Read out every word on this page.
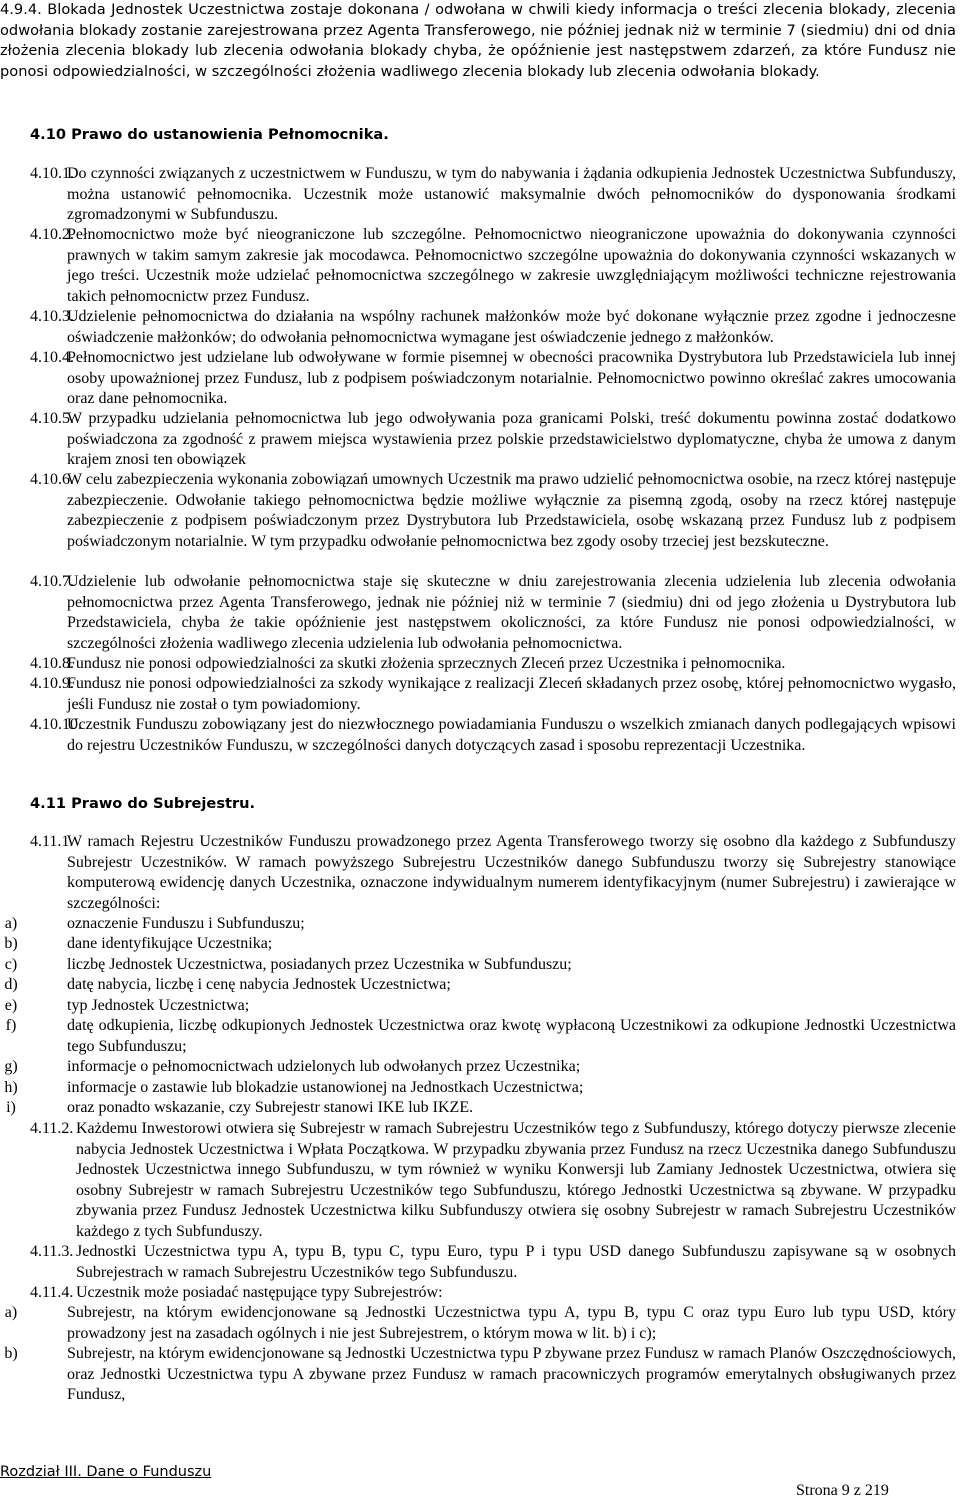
4.9.4. Blokada Jednostek Uczestnictwa zostaje dokonana / odwołana w chwili kiedy informacja o treści zlecenia blokady, zlecenia odwołania blokady zostanie zarejestrowana przez Agenta Transferowego, nie później jednak niż w terminie 7 (siedmiu) dni od dnia złożenia zlecenia blokady lub zlecenia odwołania blokady chyba, że opóźnienie jest następstwem zdarzeń, za które Fundusz nie ponosi odpowiedzialności, w szczególności złożenia wadliwego zlecenia blokady lub zlecenia odwołania blokady.

4.10 Prawo do ustanowienia Pełnomocnika.

4.10.1.
Do czynności związanych z uczestnictwem w Funduszu, w tym do nabywania i żądania odkupienia Jednostek Uczestnictwa Subfunduszy, można ustanowić pełnomocnika. Uczestnik może ustanowić maksymalnie dwóch pełnomocników do dysponowania środkami zgromadzonymi w Subfunduszu.

4.10.2.
Pełnomocnictwo może być nieograniczone lub szczególne. Pełnomocnictwo nieograniczone upoważnia do dokonywania czynności prawnych w takim samym zakresie jak mocodawca. Pełnomocnictwo szczególne upoważnia do dokonywania czynności wskazanych w jego treści. Uczestnik może udzielać pełnomocnictwa szczególnego w zakresie uwzględniającym możliwości techniczne rejestrowania takich pełnomocnictw przez Fundusz.

4.10.3.
Udzielenie pełnomocnictwa do działania na wspólny rachunek małżonków może być dokonane wyłącznie przez zgodne i jednoczesne oświadczenie małżonków; do odwołania pełnomocnictwa wymagane jest oświadczenie jednego z małżonków.

4.10.4.
Pełnomocnictwo jest udzielane lub odwoływane w formie pisemnej w obecności pracownika Dystrybutora lub Przedstawiciela lub innej osoby upoważnionej przez Fundusz, lub z podpisem poświadczonym notarialnie. Pełnomocnictwo powinno określać zakres umocowania oraz dane pełnomocnika.

4.10.5.
W przypadku udzielania pełnomocnictwa lub jego odwoływania poza granicami Polski, treść dokumentu powinna zostać dodatkowo poświadczona za zgodność z prawem miejsca wystawienia przez polskie przedstawicielstwo dyplomatyczne, chyba że umowa z danym krajem znosi ten obowiązek

4.10.6.
W celu zabezpieczenia wykonania zobowiązań umownych Uczestnik ma prawo udzielić pełnomocnictwa osobie, na rzecz której następuje zabezpieczenie. Odwołanie takiego pełnomocnictwa będzie możliwe wyłącznie za pisemną zgodą, osoby na rzecz której następuje zabezpieczenie z podpisem poświadczonym przez Dystrybutora lub Przedstawiciela, osobę wskazaną przez Fundusz lub z podpisem poświadczonym notarialnie. W tym przypadku odwołanie pełnomocnictwa bez zgody osoby trzeciej jest bezskuteczne.

4.10.7.
Udzielenie lub odwołanie pełnomocnictwa staje się skuteczne w dniu zarejestrowania zlecenia udzielenia lub zlecenia odwołania pełnomocnictwa przez Agenta Transferowego, jednak nie później niż w terminie 7 (siedmiu) dni od jego złożenia u Dystrybutora lub Przedstawiciela, chyba że takie opóźnienie jest następstwem okoliczności, za które Fundusz nie ponosi odpowiedzialności, w szczególności złożenia wadliwego zlecenia udzielenia lub odwołania pełnomocnictwa.

4.10.8.
Fundusz nie ponosi odpowiedzialności za skutki złożenia sprzecznych Zleceń przez Uczestnika i pełnomocnika.

4.10.9.
Fundusz nie ponosi odpowiedzialności za szkody wynikające z realizacji Zleceń składanych przez osobę, której pełnomocnictwo wygasło, jeśli Fundusz nie został o tym powiadomiony.

4.10.10.
Uczestnik Funduszu zobowiązany jest do niezwłocznego powiadamiania Funduszu o wszelkich zmianach danych podlegających wpisowi do rejestru Uczestników Funduszu, w szczególności danych dotyczących zasad i sposobu reprezentacji Uczestnika.

4.11 Prawo do Subrejestru.

4.11.1.
W ramach Rejestru Uczestników Funduszu prowadzonego przez Agenta Transferowego tworzy się osobno dla każdego z Subfunduszy Subrejestr Uczestników. W ramach powyższego Subrejestru Uczestników danego Subfunduszu tworzy się Subrejestry stanowiące komputerową ewidencję danych Uczestnika, oznaczone indywidualnym numerem identyfikacyjnym (numer Subrejestru) i zawierające w szczególności:

a)	oznaczenie Funduszu i Subfunduszu;
b)	dane identyfikujące Uczestnika;
c)	liczbę Jednostek Uczestnictwa, posiadanych przez Uczestnika w Subfunduszu;
d)	datę nabycia, liczbę i cenę nabycia Jednostek Uczestnictwa;
e)	typ Jednostek Uczestnictwa;
f)	datę odkupienia, liczbę odkupionych Jednostek Uczestnictwa oraz kwotę wypłaconą Uczestnikowi za odkupione Jednostki Uczestnictwa tego Subfunduszu;
g)	informacje o pełnomocnictwach udzielonych lub odwołanych przez Uczestnika;
h)	informacje o zastawie lub blokadzie ustanowionej na Jednostkach Uczestnictwa;
i)	oraz ponadto wskazanie, czy Subrejestr stanowi IKE lub IKZE.

4.11.2. Każdemu Inwestorowi otwiera się Subrejestr w ramach Subrejestru Uczestników tego z Subfunduszy, którego dotyczy pierwsze zlecenie nabycia Jednostek Uczestnictwa i Wpłata Początkowa. W przypadku zbywania przez Fundusz na rzecz Uczestnika danego Subfunduszu Jednostek Uczestnictwa innego Subfunduszu, w tym również w wyniku Konwersji lub Zamiany Jednostek Uczestnictwa, otwiera się osobny Subrejestr w ramach Subrejestru Uczestników tego Subfunduszu, którego Jednostki Uczestnictwa są zbywane. W przypadku zbywania przez Fundusz Jednostek Uczestnictwa kilku Subfunduszy otwiera się osobny Subrejestr w ramach Subrejestru Uczestników każdego z tych Subfunduszy.

4.11.3. Jednostki Uczestnictwa typu A, typu B, typu C, typu Euro, typu P i typu USD danego Subfunduszu zapisywane są w osobnych Subrejestrach w ramach Subrejestru Uczestników tego Subfunduszu.

4.11.4. Uczestnik może posiadać następujące typy Subrejestrów:

a)	Subrejestr, na którym ewidencjonowane są Jednostki Uczestnictwa typu A, typu B, typu C oraz typu Euro lub typu USD, który prowadzony jest na zasadach ogólnych i nie jest Subrejestrem, o którym mowa w lit. b) i c);
b)	Subrejestr, na którym ewidencjonowane są Jednostki Uczestnictwa typu P zbywane przez Fundusz w ramach Planów Oszczędnościowych, oraz Jednostki Uczestnictwa typu A zbywane przez Fundusz w ramach pracowniczych programów emerytalnych obsługiwanych przez Fundusz,

Rozdział III. Dane o Funduszu

Strona 9 z 219
